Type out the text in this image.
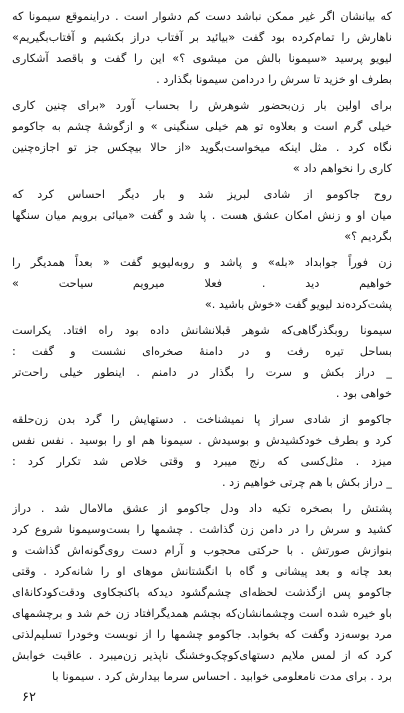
که بیانشان اگر غیر ممکن نباشد دست کم دشوار است . دراینموقع سیمونا که
ناهارش را تمام‌کرده بود گفت «بیائید بر آفتاب دراز بکشیم و آفتاب‌بگیریم»
لیویو پرسید «سیمونا بالش من میشوی ؟» این را گفت و باقصد آشکاری
بطرف او خزید تا سرش را دردامن سیمونا بگذارد .
برای اولین بار زن‌بحضور شوهرش را بحساب آورد «برای چنین کاری
خیلی گرم است و بعلاوه تو هم خیلی سنگینی » و ازگوشهٔ چشم به جاکومو
نگاه کرد . مثل اینکه میخواست‌بگوید «از حالا بیچکس جز تو اجازه‌چنین
کاری را نخواهم داد »
روح جاکومو از شادی لبریز شد و بار دیگر احساس کرد که
میان او و زنش امکان عشق هست . پا شد و گفت «میائی برویم میان سنگها
بگردیم ؟»
زن فوراً جوابداد «بله» و پاشد و روبه‌لیویو گفت « بعداً همدیگر را
خواهیم دید . فعلا میرویم سیاحت »
پشت‌کرده‌ند لیویو گفت «خوش باشید .»
سیمونا روبگذرگاهی‌که شوهر قبلانشانش داده بود راه افتاد. یکراست
بساحل تیره رفت و در دامنهٔ صخره‌ای نشست و گفت :
_ دراز بکش و سرت را بگذار در دامنم . اینطور خیلی راحت‌تر
خواهی بود .
جاکومو از شادی سراز پا نمیشناخت . دستهایش را گرد بدن زن‌حلقه
کرد و بطرف خودکشیدش و بوسیدش . سیمونا هم او را بوسید . نفس نفس
میزد . مثل‌کسی که رنج میبرد و وقتی خلاص شد تکرار کرد :
_ دراز بکش با هم چرتی خواهیم زد .
پشتش را بصخره تکیه داد ودل جاکومو از عشق مالامال شد . دراز
کشید و سرش را در دامن زن گذاشت . چشمها را بست‌وسیمونا شروع کرد
بنوازش صورتش . با حرکتی محجوب و آرام دست روی‌گونه‌اش گذاشت و
بعد چانه و بعد پیشانی و گاه با انگشتانش موهای او را شانه‌کرد . وقتی
جاکومو پس ازگذشت لحظه‌ای چشم‌گشود دیدکه باکنجکاوی ودقت‌کودکانهٔ‌ای
باو خیره شده است وچشمانشان‌که بچشم همدیگرافتاد زن خم شد و برچشمهای
مرد بوسه‌زد وگفت که بخوابد. جاکومو چشمها را از نوبست وخودرا تسلیم‌لذتی
کرد که از لمس ملایم دستهای‌کوچک‌وخشنگ ناپذیر زن‌میبرد . عاقبت خوابش
برد . برای مدت نامعلومی خوابید . احساس سرما بیدارش کرد . سیمونا با
۶۲
